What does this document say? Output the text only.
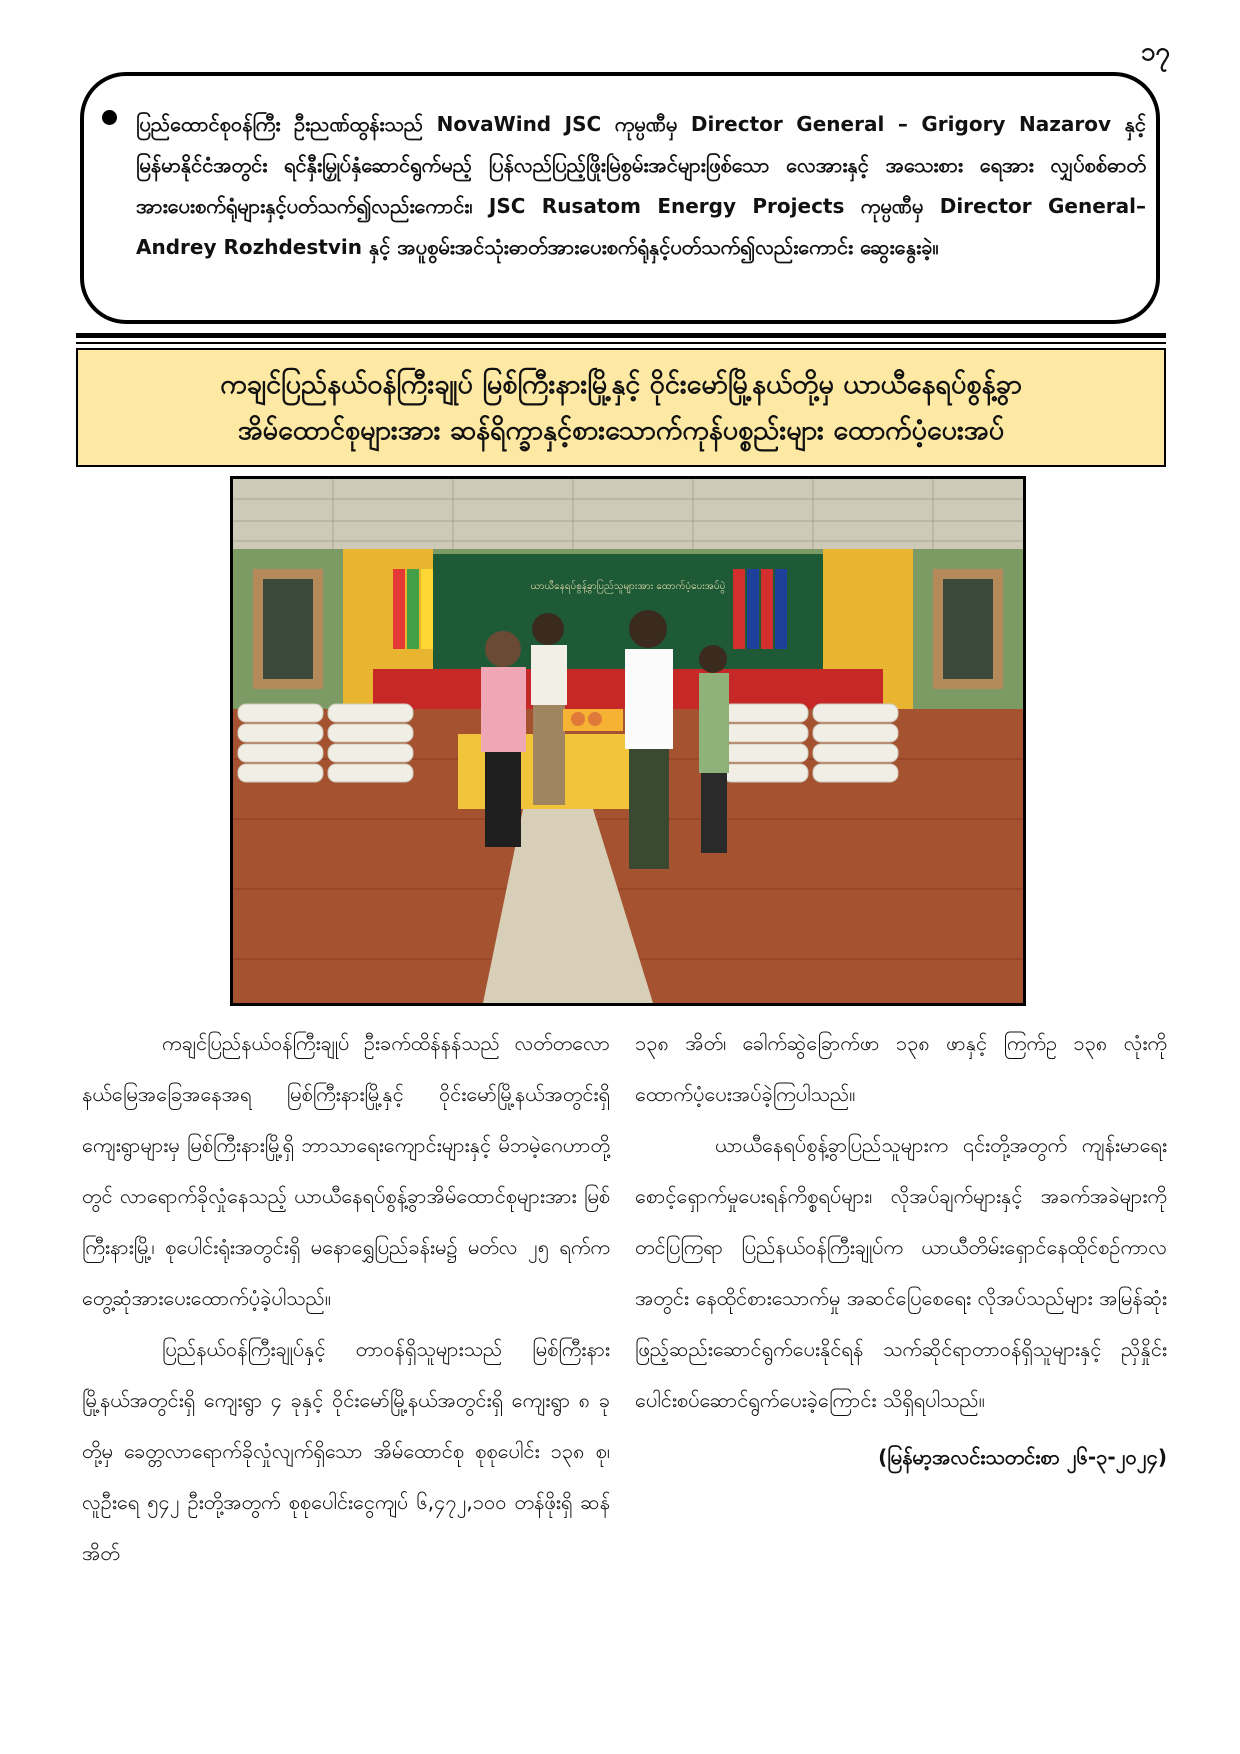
၁၇
ပြည်ထောင်စုဝန်ကြီး ဦးညဏ်ထွန်းသည် NovaWind JSC ကုမ္ပဏီမှ Director General – Grigory Nazarov နှင့် မြန်မာနိုင်ငံအတွင်း ရင်နှီးမြှုပ်နှံဆောင်ရွက်မည့် ပြန်လည်ပြည့်ဖြိုးမြဲစွမ်းအင်များဖြစ်သော လေအားနှင့် အသေးစား ရေအား လျှပ်စစ်ဓာတ်အားပေးစက်ရုံများနှင့်ပတ်သက်၍လည်းကောင်း၊ JSC Rusatom Energy Projects ကုမ္ပဏီမှ Director General– Andrey Rozhdestvin နှင့် အပူစွမ်းအင်သုံးဓာတ်အားပေးစက်ရုံနှင့်ပတ်သက်၍လည်းကောင်း ဆွေးနွေးခဲ့။
ကချင်ပြည်နယ်ဝန်ကြီးချုပ် မြစ်ကြီးနားမြို့နှင့် ဝိုင်းမော်မြို့နယ်တို့မှ ယာယီနေရပ်စွန့်ခွာ
အိမ်ထောင်စုများအား ဆန်ရိက္ခာနှင့်စားသောက်ကုန်ပစ္စည်းများ ထောက်ပံ့ပေးအပ်
ယာယီနေရပ်စွန့်ခွာပြည်သူများအား ထောက်ပံ့ပေးအပ်ပွဲ

ကချင်ပြည်နယ်ဝန်ကြီးချုပ် ဦးခက်ထိန်နန်သည် လတ်တလောနယ်မြေအခြေအနေအရ မြစ်ကြီးနားမြို့နှင့် ဝိုင်းမော်မြို့နယ်အတွင်းရှိ ကျေးရွာများမှ မြစ်ကြီးနားမြို့ရှိ ဘာသာရေးကျောင်းများနှင့် မိဘမဲ့ဂေဟာတို့တွင် လာရောက်ခိုလှုံနေသည့် ယာယီနေရပ်စွန့်ခွာအိမ်ထောင်စုများအား မြစ်ကြီးနားမြို့၊ စုပေါင်းရုံးအတွင်းရှိ မနော‌ရွှေပြည်ခန်းမ၌ မတ်လ ၂၅ ရက်က တွေ့ဆုံအားပေးထောက်ပံ့ခဲ့ပါသည်။

ပြည်နယ်ဝန်ကြီးချုပ်နှင့် တာဝန်ရှိသူများသည် မြစ်ကြီးနားမြို့နယ်အတွင်းရှိ ကျေးရွာ ၄ ခုနှင့် ဝိုင်းမော်မြို့နယ်အတွင်းရှိ ကျေးရွာ ၈ ခုတို့မှ ခေတ္တလာရောက်ခိုလှုံလျက်ရှိသော အိမ်ထောင်စု စုစုပေါင်း ၁၃၈ စု၊ လူဦးရေ ၅၄၂ ဦးတို့အတွက် စုစုပေါင်းငွေကျပ် ၆,၄၇၂,၁၀၀ တန်ဖိုးရှိ ဆန်အိတ်

၁၃၈ အိတ်၊ ခေါက်ဆွဲခြောက်ဖာ ၁၃၈ ဖာနှင့် ကြက်ဥ ၁၃၈ လုံးကို ထောက်ပံ့ပေးအပ်ခဲ့ကြပါသည်။

ယာယီနေရပ်စွန့်ခွာပြည်သူများက ၎င်းတို့အတွက် ကျန်းမာရေးစောင့်ရှောက်မှုပေးရန်ကိစ္စရပ်များ၊ လိုအပ်ချက်များနှင့် အခက်အခဲများကို တင်ပြကြရာ ပြည်နယ်ဝန်ကြီးချုပ်က ယာယီတိမ်းရှောင်နေထိုင်စဉ်ကာလအတွင်း နေထိုင်စားသောက်မှု အဆင်ပြေစေရေး လိုအပ်သည်များ အမြန်ဆုံးဖြည့်ဆည်းဆောင်ရွက်ပေးနိုင်ရန် သက်ဆိုင်ရာတာဝန်ရှိသူများနှင့် ညှိနှိုင်းပေါင်းစပ်ဆောင်ရွက်ပေးခဲ့ကြောင်း သိရှိရပါသည်။

(မြန်မာ့အလင်းသတင်းစာ ၂၆-၃-၂၀၂၄)
